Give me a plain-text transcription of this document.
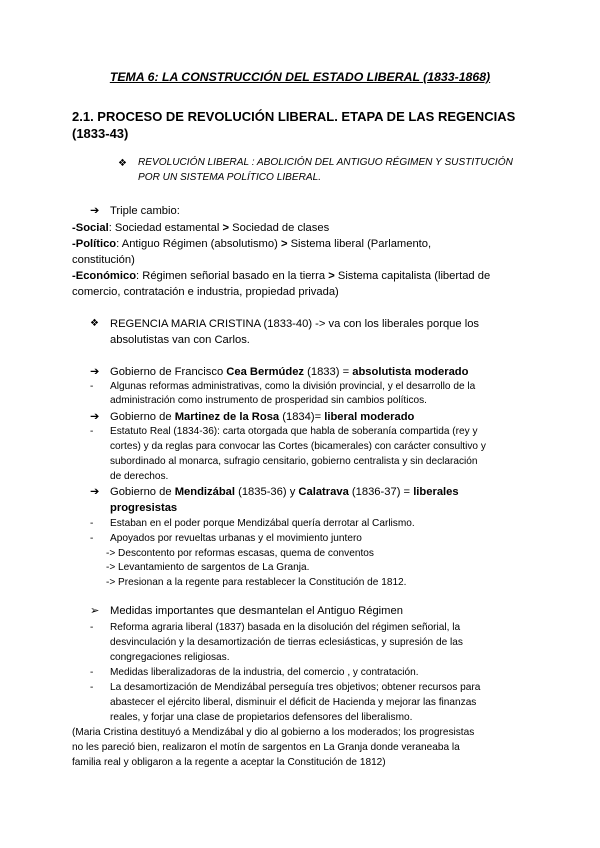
TEMA 6: LA CONSTRUCCIÓN DEL ESTADO LIBERAL (1833-1868)
2.1. PROCESO DE REVOLUCIÓN LIBERAL. ETAPA DE LAS REGENCIAS
(1833-43)
❖ REVOLUCIÓN LIBERAL : ABOLICIÓN DEL ANTIGUO RÉGIMEN Y SUSTITUCIÓN
POR UN SISTEMA POLÍTICO LIBERAL.
➔ Triple cambio:
-Social: Sociedad estamental > Sociedad de clases
-Político: Antiguo Régimen (absolutismo) > Sistema liberal (Parlamento,
constitución)
-Económico: Régimen señorial basado en la tierra > Sistema capitalista (libertad de
comercio, contratación e industria, propiedad privada)
❖ REGENCIA MARIA CRISTINA (1833-40) -> va con los liberales porque los
absolutistas van con Carlos.
➔ Gobierno de Francisco Cea Bermúdez (1833) = absolutista moderado
- Algunas reformas administrativas, como la división provincial, y el desarrollo de la
administración como instrumento de prosperidad sin cambios políticos.
➔ Gobierno de Martinez de la Rosa (1834)= liberal moderado
- Estatuto Real (1834-36): carta otorgada que habla de soberanía compartida (rey y
cortes) y da reglas para convocar las Cortes (bicamerales) con carácter consultivo y
subordinado al monarca, sufragio censitario, gobierno centralista y sin declaración
de derechos.
➔ Gobierno de Mendizábal (1835-36) y Calatrava (1836-37) = liberales
progresistas
- Estaban en el poder porque Mendizábal quería derrotar al Carlismo.
- Apoyados por revueltas urbanas y el movimiento juntero
-> Descontento por reformas escasas, quema de conventos
-> Levantamiento de sargentos de La Granja.
-> Presionan a la regente para restablecer la Constitución de 1812.
➢ Medidas importantes que desmantelan el Antiguo Régimen
- Reforma agraria liberal (1837) basada en la disolución del régimen señorial, la
desvinculación y la desamortización de tierras eclesiásticas, y supresión de las
congregaciones religiosas.
- Medidas liberalizadoras de la industria, del comercio , y contratación.
- La desamortización de Mendizábal perseguía tres objetivos; obtener recursos para
abastecer el ejército liberal, disminuir el déficit de Hacienda y mejorar las finanzas
reales, y forjar una clase de propietarios defensores del liberalismo.
(Maria Cristina destituyó a Mendizábal y dio al gobierno a los moderados; los progresistas
no les pareció bien, realizaron el motín de sargentos en La Granja donde veraneaba la
familia real y obligaron a la regente a aceptar la Constitución de 1812)
